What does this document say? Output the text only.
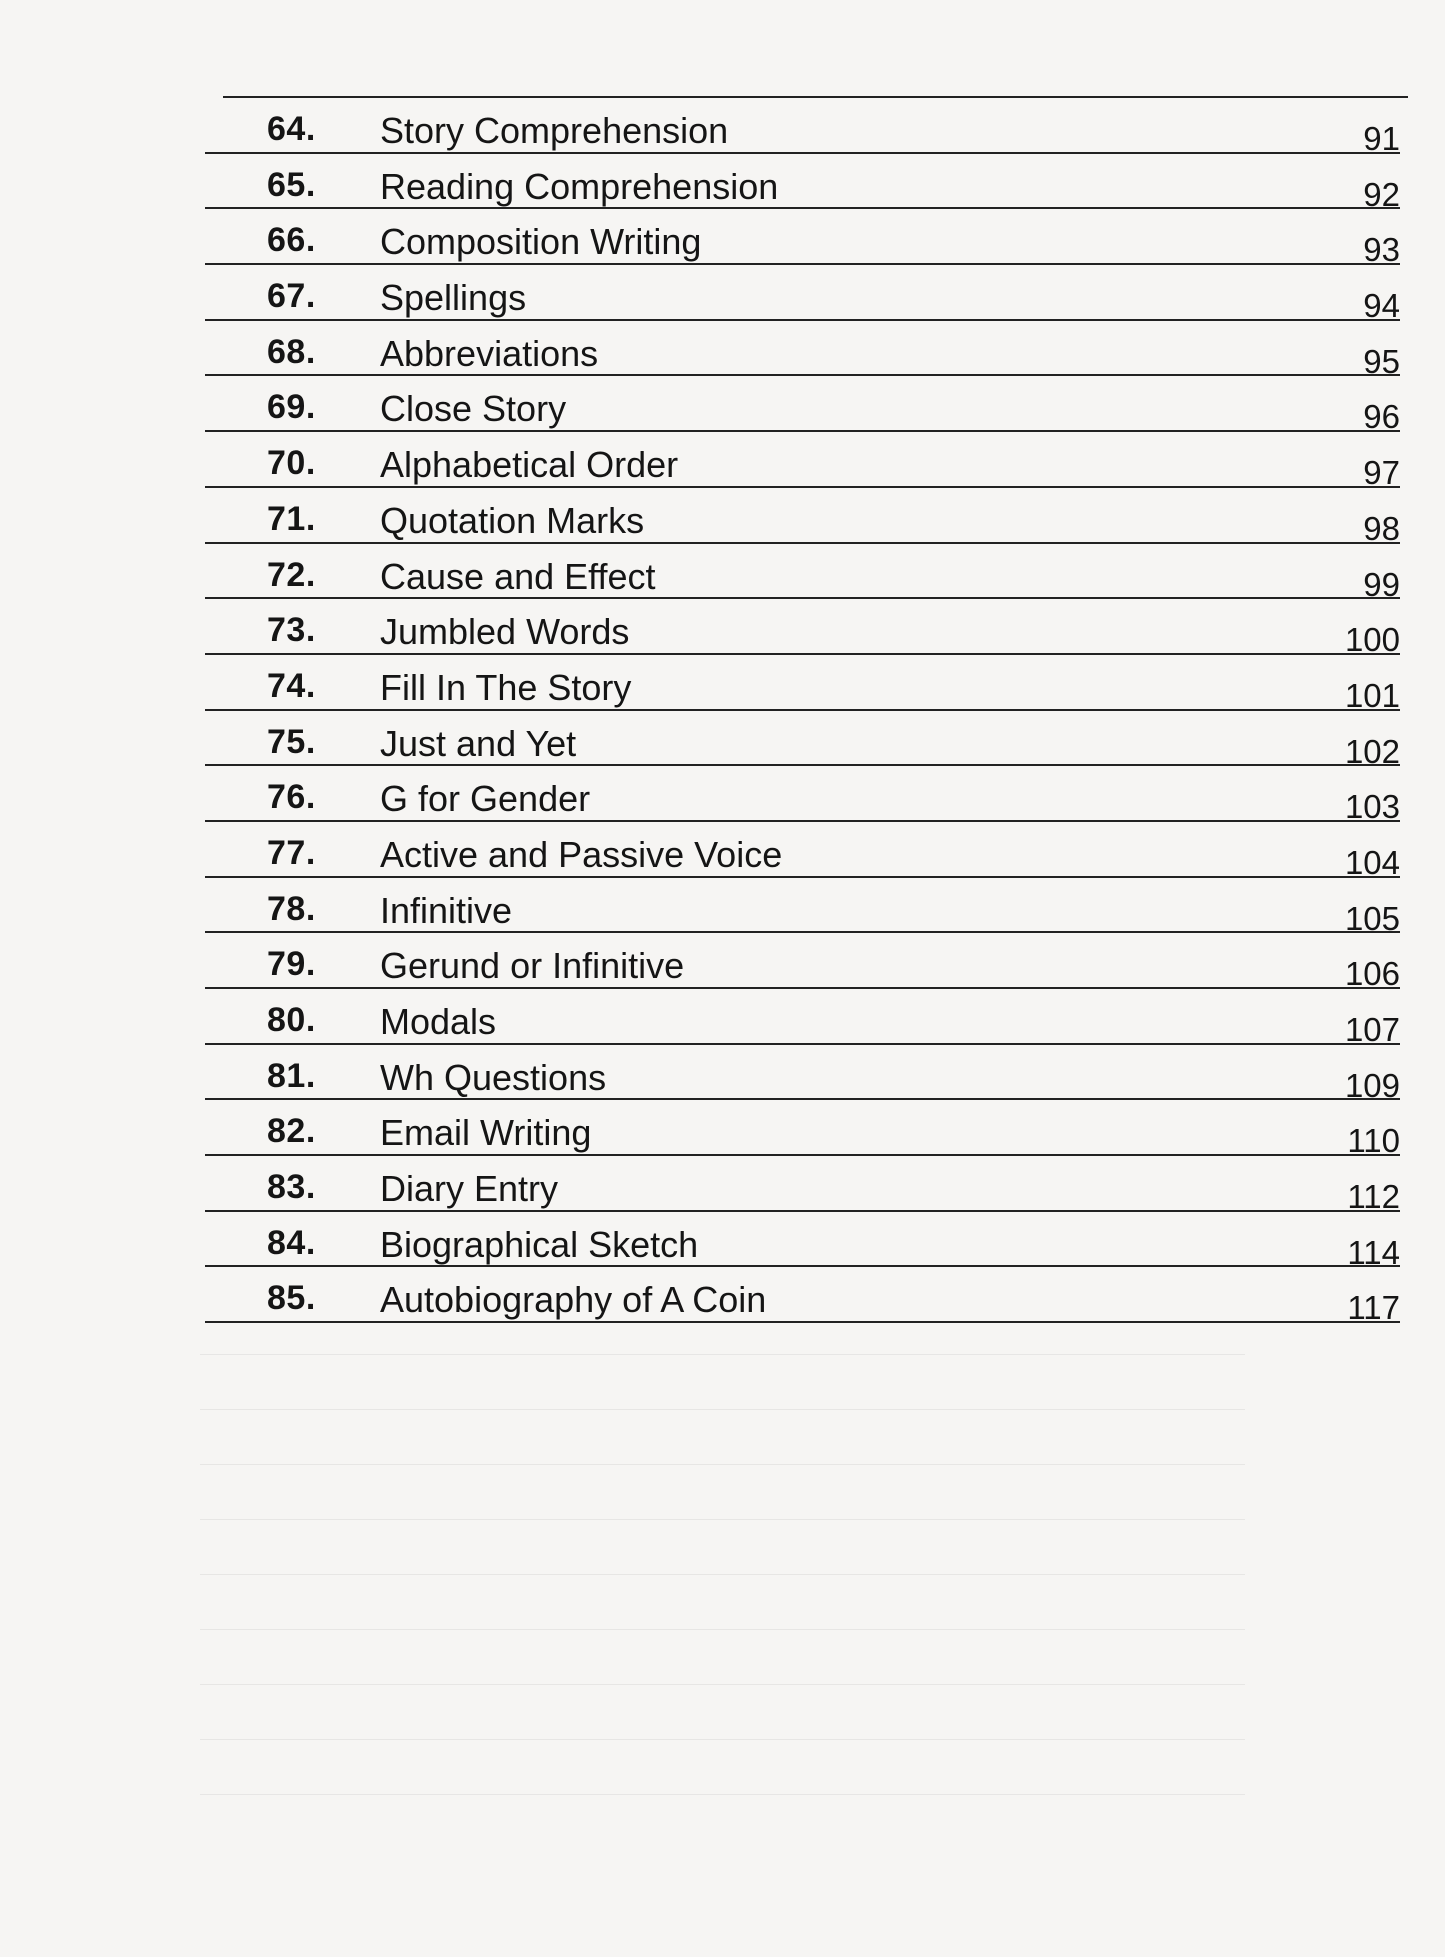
64. Story Comprehension	91
65. Reading Comprehension	92
66. Composition Writing	93
67. Spellings	94
68. Abbreviations	95
69. Close Story	96
70. Alphabetical Order	97
71. Quotation Marks	98
72. Cause and Effect	99
73. Jumbled Words	100
74. Fill In The Story	101
75. Just and Yet	102
76. G for Gender	103
77. Active and Passive Voice	104
78. Infinitive	105
79. Gerund or Infinitive	106
80. Modals	107
81. Wh Questions	109
82. Email Writing	110
83. Diary Entry	112
84. Biographical Sketch	114
85. Autobiography of A Coin	117
